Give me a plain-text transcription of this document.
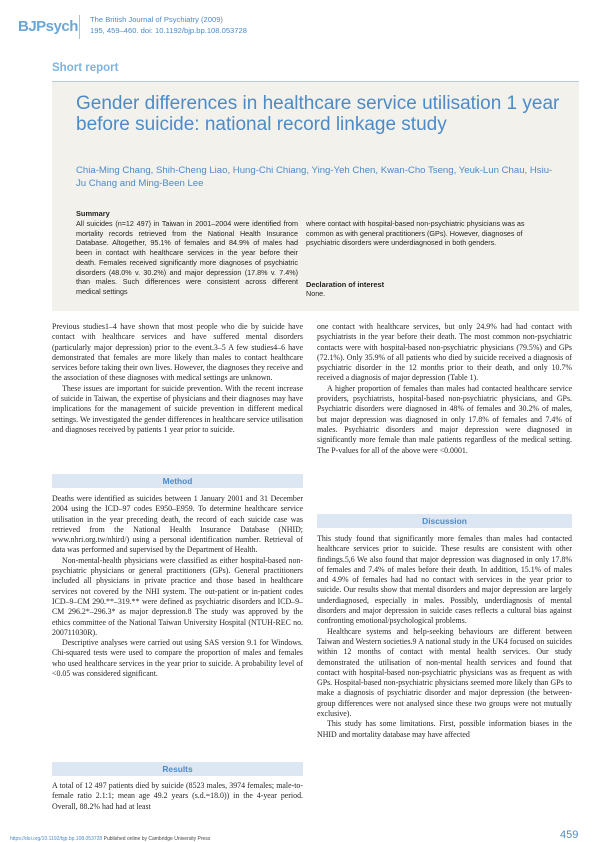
BJPsych The British Journal of Psychiatry (2009)
195, 459–460. doi: 10.1192/bjp.bp.108.053728
Short report
Gender differences in healthcare service utilisation 1 year before suicide: national record linkage study
Chia-Ming Chang, Shih-Cheng Liao, Hung-Chi Chiang, Ying-Yeh Chen, Kwan-Cho Tseng, Yeuk-Lun Chau, Hsiu-Ju Chang and Ming-Been Lee
Summary
All suicides (n=12 497) in Taiwan in 2001–2004 were identified from mortality records retrieved from the National Health Insurance Database. Altogether, 95.1% of females and 84.9% of males had been in contact with healthcare services in the year before their death. Females received significantly more diagnoses of psychiatric disorders (48.0% v. 30.2%) and major depression (17.8% v. 7.4%) than males. Such differences were consistent across different medical settings
where contact with hospital-based non-psychiatric physicians was as common as with general practitioners (GPs). However, diagnoses of psychiatric disorders were underdiagnosed in both genders.
Declaration of interest
None.

Previous studies1–4 have shown that most people who die by suicide have contact with healthcare services and have suffered mental disorders (particularly major depression) prior to the event.3–5 A few studies4–6 have demonstrated that females are more likely than males to contact healthcare services before taking their own lives. However, the diagnoses they receive and the association of these diagnoses with medical settings are unknown.

These issues are important for suicide prevention. With the recent increase of suicide in Taiwan, the expertise of physicians and their diagnoses may have implications for the management of suicide prevention in different medical settings. We investigated the gender differences in healthcare service utilisation and diagnoses received by patients 1 year prior to suicide.

Method

Deaths were identified as suicides between 1 January 2001 and 31 December 2004 using the ICD–97 codes E950–E959. To determine healthcare service utilisation in the year preceding death, the record of each suicide case was retrieved from the National Health Insurance Database (NHID; www.nhri.org.tw/nhird/) using a personal identification number. Retrieval of data was performed and supervised by the Department of Health.

Non-mental-health physicians were classified as either hospital-based non-psychiatric physicians or general practitioners (GPs). General practitioners included all physicians in private practice and those based in healthcare services not covered by the NHI system. The out-patient or in-patient codes ICD–9–CM 290.**–319.** were defined as psychiatric disorders and ICD–9–CM 296.2*–296.3* as major depression.8 The study was approved by the ethics committee of the National Taiwan University Hospital (NTUH-REC no. 200711030R).

Descriptive analyses were carried out using SAS version 9.1 for Windows. Chi-squared tests were used to compare the proportion of males and females who used healthcare services in the year prior to suicide. A probability level of <0.05 was considered significant.

Results

A total of 12 497 patients died by suicide (8523 males, 3974 females; male-to-female ratio 2.1:1; mean age 49.2 years (s.d.=18.0)) in the 4-year period. Overall, 88.2% had had at least

one contact with healthcare services, but only 24.9% had had contact with psychiatrists in the year before their death. The most common non-psychiatric contacts were with hospital-based non-psychiatric physicians (79.5%) and GPs (72.1%). Only 35.9% of all patients who died by suicide received a diagnosis of psychiatric disorder in the 12 months prior to their death, and only 10.7% received a diagnosis of major depression (Table 1).

A higher proportion of females than males had contacted healthcare service providers, psychiatrists, hospital-based non-psychiatric physicians, and GPs. Psychiatric disorders were diagnosed in 48% of females and 30.2% of males, but major depression was diagnosed in only 17.8% of females and 7.4% of males. Psychiatric disorders and major depression were diagnosed in significantly more female than male patients regardless of the medical setting. The P-values for all of the above were <0.0001.

Discussion

This study found that significantly more females than males had contacted healthcare services prior to suicide. These results are consistent with other findings.5,6 We also found that major depression was diagnosed in only 17.8% of females and 7.4% of males before their death. In addition, 15.1% of males and 4.9% of females had had no contact with services in the year prior to suicide. Our results show that mental disorders and major depression are largely underdiagnosed, especially in males. Possibly, underdiagnosis of mental disorders and major depression in suicide cases reflects a cultural bias against confronting emotional/psychological problems.

Healthcare systems and help-seeking behaviours are different between Taiwan and Western societies.9 A national study in the UK4 focused on suicides within 12 months of contact with mental health services. Our study demonstrated the utilisation of non-mental health services and found that contact with hospital-based non-psychiatric physicians was as frequent as with GPs. Hospital-based non-psychiatric physicians seemed more likely than GPs to make a diagnosis of psychiatric disorder and major depression (the between-group differences were not analysed since these two groups were not mutually exclusive).

This study has some limitations. First, possible information biases in the NHID and mortality database may have affected

459
https://doi.org/10.1192/bjp.bp.108.053728 Published online by Cambridge University Press
